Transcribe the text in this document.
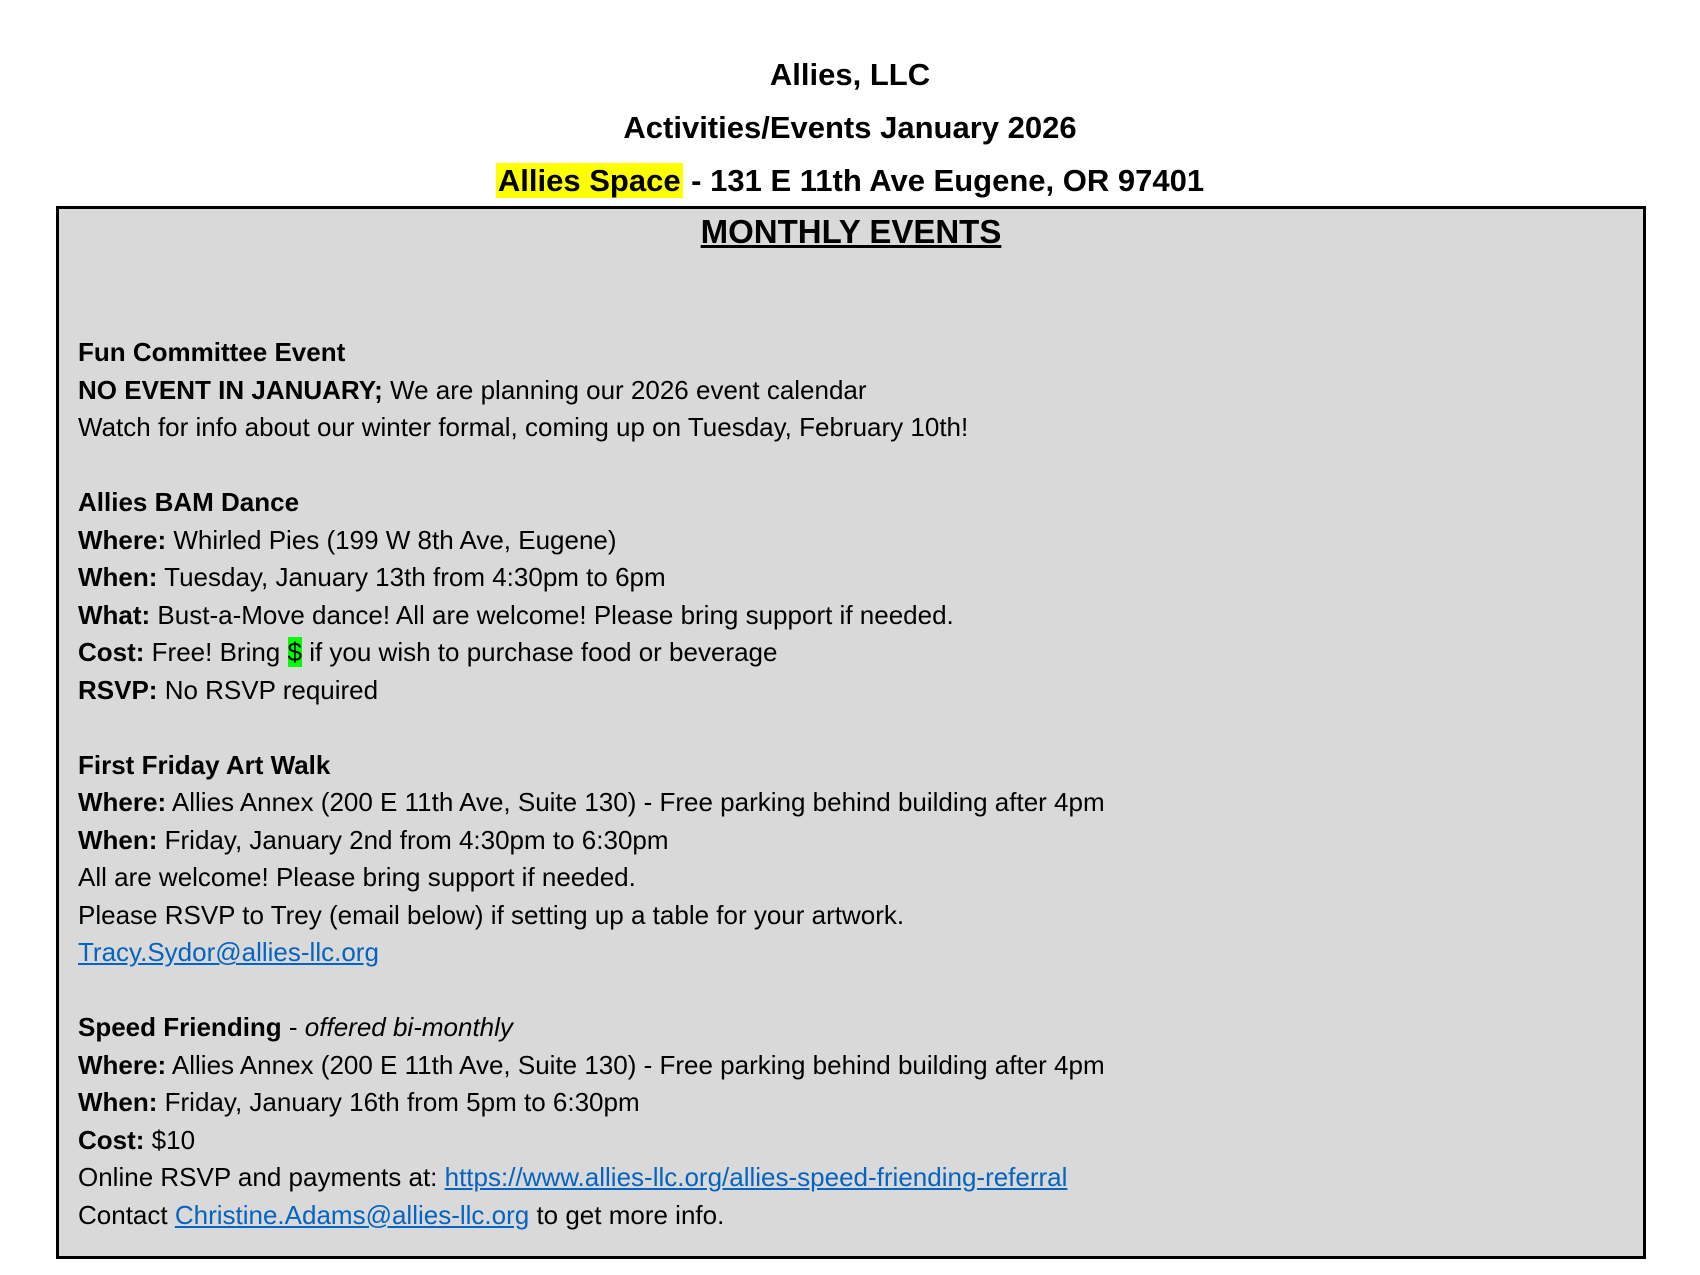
Allies, LLC
Activities/Events January 2026
Allies Space - 131 E 11th Ave Eugene, OR 97401
MONTHLY EVENTS
Fun Committee Event
NO EVENT IN JANUARY; We are planning our 2026 event calendar
Watch for info about our winter formal, coming up on Tuesday, February 10th!
Allies BAM Dance
Where: Whirled Pies (199 W 8th Ave, Eugene)
When: Tuesday, January 13th from 4:30pm to 6pm
What: Bust-a-Move dance! All are welcome! Please bring support if needed.
Cost: Free! Bring $ if you wish to purchase food or beverage
RSVP: No RSVP required
First Friday Art Walk
Where: Allies Annex (200 E 11th Ave, Suite 130) - Free parking behind building after 4pm
When: Friday, January 2nd from 4:30pm to 6:30pm
All are welcome! Please bring support if needed.
Please RSVP to Trey (email below) if setting up a table for your artwork.
Tracy.Sydor@allies-llc.org
Speed Friending - offered bi-monthly
Where: Allies Annex (200 E 11th Ave, Suite 130) - Free parking behind building after 4pm
When: Friday, January 16th from 5pm to 6:30pm
Cost: $10
Online RSVP and payments at: https://www.allies-llc.org/allies-speed-friending-referral
Contact Christine.Adams@allies-llc.org to get more info.
